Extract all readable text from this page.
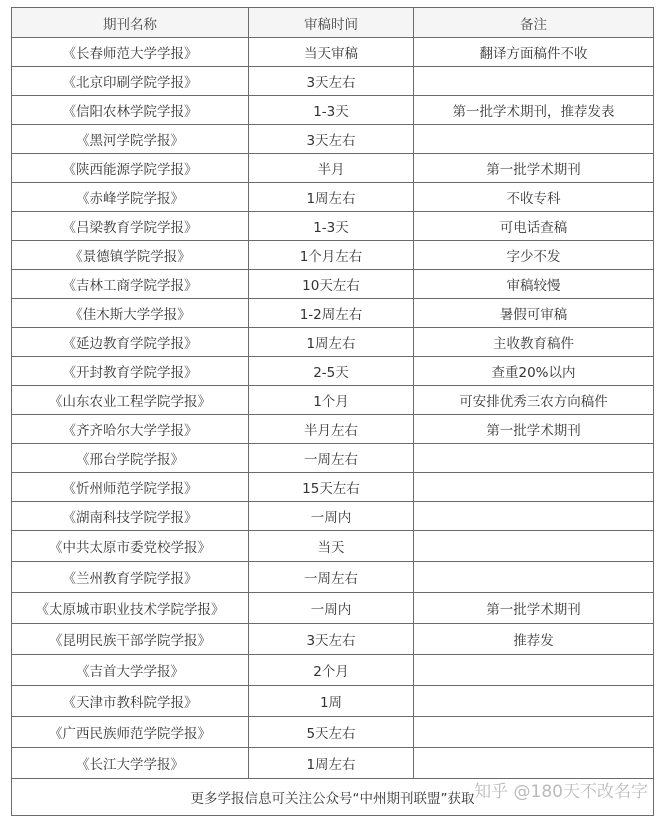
期刊名称	审稿时间	备注
《长春师范大学学报》	当天审稿	翻译方面稿件不收
《北京印刷学院学报》	3天左右	
《信阳农林学院学报》	1-3天	第一批学术期刊，推荐发表
《黑河学院学报》	3天左右	
《陕西能源学院学报》	半月	第一批学术期刊
《赤峰学院学报》	1周左右	不收专科
《吕梁教育学院学报》	1-3天	可电话查稿
《景德镇学院学报》	1个月左右	字少不发
《吉林工商学院学报》	10天左右	审稿较慢
《佳木斯大学学报》	1-2周左右	暑假可审稿
《延边教育学院学报》	1周左右	主收教育稿件
《开封教育学院学报》	2-5天	查重20%以内
《山东农业工程学院学报》	1个月	可安排优秀三农方向稿件
《齐齐哈尔大学学报》	半月左右	第一批学术期刊
《邢台学院学报》	一周左右	
《忻州师范学院学报》	15天左右	
《湖南科技学院学报》	一周内	
《中共太原市委党校学报》	当天	
《兰州教育学院学报》	一周左右	
《太原城市职业技术学院学报》	一周内	第一批学术期刊
《昆明民族干部学院学报》	3天左右	推荐发
《吉首大学学报》	2个月	
《天津市教科院学报》	1周	
《广西民族师范学院学报》	5天左右	
《长江大学学报》	1周左右	
更多学报信息可关注公众号“中州期刊联盟”获取		知乎 @180天不改名字
